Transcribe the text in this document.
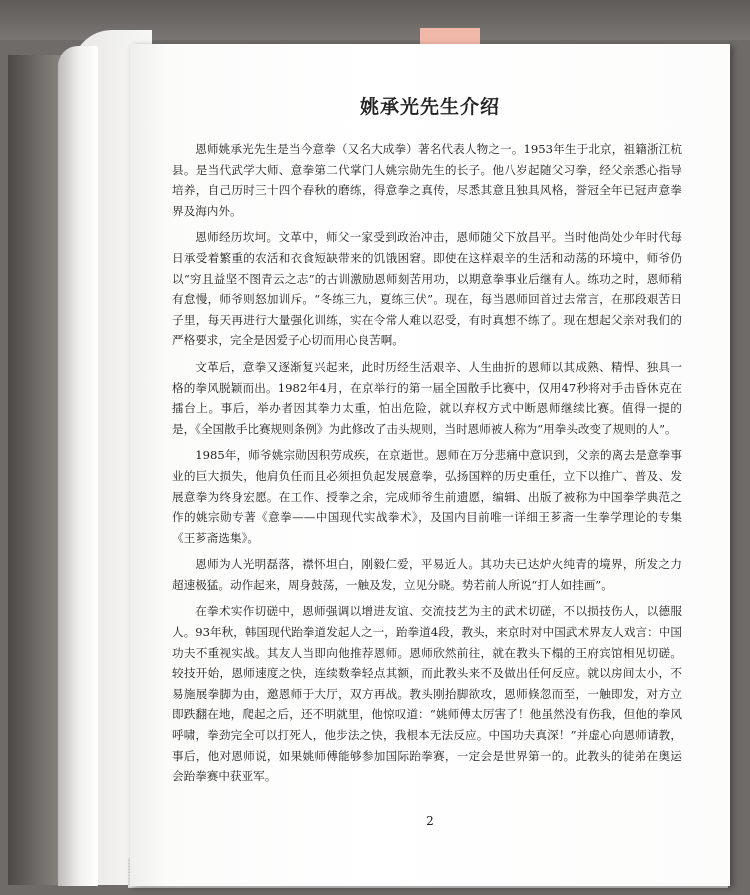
姚承光先生介绍

恩师姚承光先生是当今意拳（又名大成拳）著名代表人物之一。1953年生于北京，祖籍浙江杭县。是当代武学大师、意拳第二代掌门人姚宗勋先生的长子。他八岁起随父习拳，经父亲悉心指导培养，自己历时三十四个春秋的磨练，得意拳之真传，尽悉其意且独具风格，誉冠全年已冠声意拳界及海内外。

恩师经历坎坷。文革中，师父一家受到政治冲击，恩师随父下放昌平。当时他尚处少年时代每日承受着繁重的农活和衣食短缺带来的饥饿困窘。即使在这样艰辛的生活和动荡的环境中，师爷仍以“穷且益坚不图青云之志”的古训激励恩师刻苦用功，以期意拳事业后继有人。练功之时，恩师稍有怠慢，师爷则怒加训斥。“冬练三九，夏练三伏”。现在，每当恩师回首过去常言，在那段艰苦日子里，每天再进行大量强化训练，实在令常人难以忍受，有时真想不练了。现在想起父亲对我们的严格要求，完全是因爱子心切而用心良苦啊。

文革后，意拳又逐渐复兴起来，此时历经生活艰辛、人生曲折的恩师以其成熟、精悍、独具一格的拳风脱颖而出。1982年4月，在京举行的第一届全国散手比赛中，仅用47秒将对手击昏休克在擂台上。事后，举办者因其拳力太重，怕出危险，就以弃权方式中断恩师继续比赛。值得一提的是，《全国散手比赛规则条例》为此修改了击头规则，当时恩师被人称为“用拳头改变了规则的人”。

1985年，师爷姚宗勋因积劳成疾，在京逝世。恩师在万分悲痛中意识到，父亲的离去是意拳事业的巨大损失，他肩负任而且必须担负起发展意拳，弘扬国粹的历史重任，立下以推广、普及、发展意拳为终身宏愿。在工作、授拳之余，完成师爷生前遗愿，编辑、出版了被称为中国拳学典范之作的姚宗勋专著《意拳——中国现代实战拳术》，及国内目前唯一详细王芗斋一生拳学理论的专集《王芗斋选集》。

恩师为人光明磊落，襟怀坦白，刚毅仁爱，平易近人。其功夫已达炉火纯青的境界，所发之力超速极猛。动作起来，周身鼓荡，一触及发，立见分晓。势若前人所说“打人如挂画”。

在拳术实作切磋中，恩师强调以增进友谊、交流技艺为主的武术切磋，不以损技伤人，以德服人。93年秋，韩国现代跆拳道发起人之一，跆拳道4段，教头，来京时对中国武术界友人戏言：中国功夫不重视实战。其友人当即向他推荐恩师。恩师欣然前往，就在教头下榻的王府宾馆相见切磋。较技开始，恩师速度之快，连续数拳轻点其额，而此教头来不及做出任何反应。就以房间太小，不易施展拳脚为由，邀恩师于大厅，双方再战。教头刚抬脚欲攻，恩师倏忽而至，一触即发，对方立即跌翻在地，爬起之后，还不明就里，他惊叹道：“姚师傅太厉害了！他虽然没有伤我，但他的拳风呼啸，拳劲完全可以打死人，他步法之快，我根本无法反应。中国功夫真深！”并虚心向恩师请教，事后，他对恩师说，如果姚师傅能够参加国际跆拳赛，一定会是世界第一的。此教头的徒弟在奥运会跆拳赛中获亚军。

2
